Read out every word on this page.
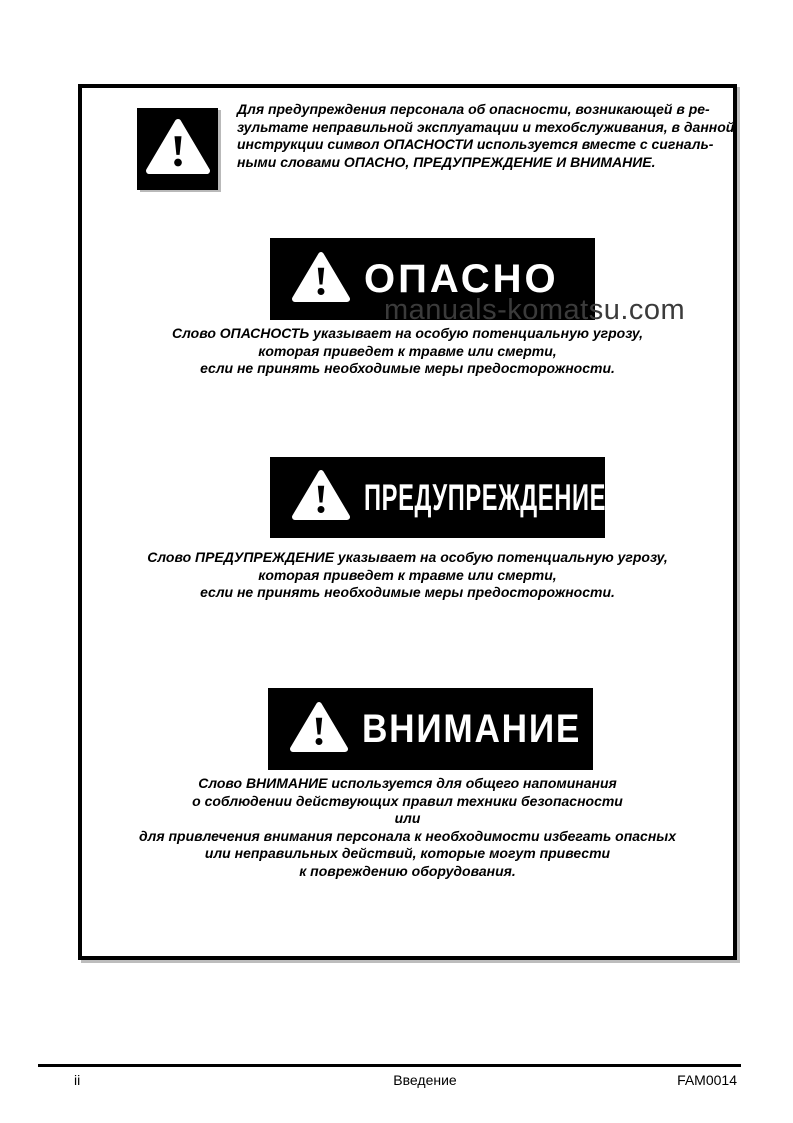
Для предупреждения персонала об опасности, возникающей в ре-
зультате неправильной эксплуатации и техобслуживания, в данной
инструкции символ ОПАСНОСТИ используется вместе с сигналь-
ными словами ОПАСНО, ПРЕДУПРЕЖДЕНИЕ И ВНИМАНИЕ.
ОПАСНО
manuals-komatsu.com
Слово ОПАСНОСТЬ указывает на особую потенциальную угрозу,
которая приведет к травме или смерти,
если не принять необходимые меры предосторожности.
ПРЕДУПРЕЖДЕНИЕ
Слово ПРЕДУПРЕЖДЕНИЕ указывает на особую потенциальную угрозу,
которая приведет к травме или смерти,
если не принять необходимые меры предосторожности.
ВНИМАНИЕ
Слово ВНИМАНИЕ используется для общего напоминания
о соблюдении действующих правил техники безопасности
или
для привлечения внимания персонала к необходимости избегать опасных
или неправильных действий, которые могут привести
к повреждению оборудования.
ii	Введение	FAM0014
